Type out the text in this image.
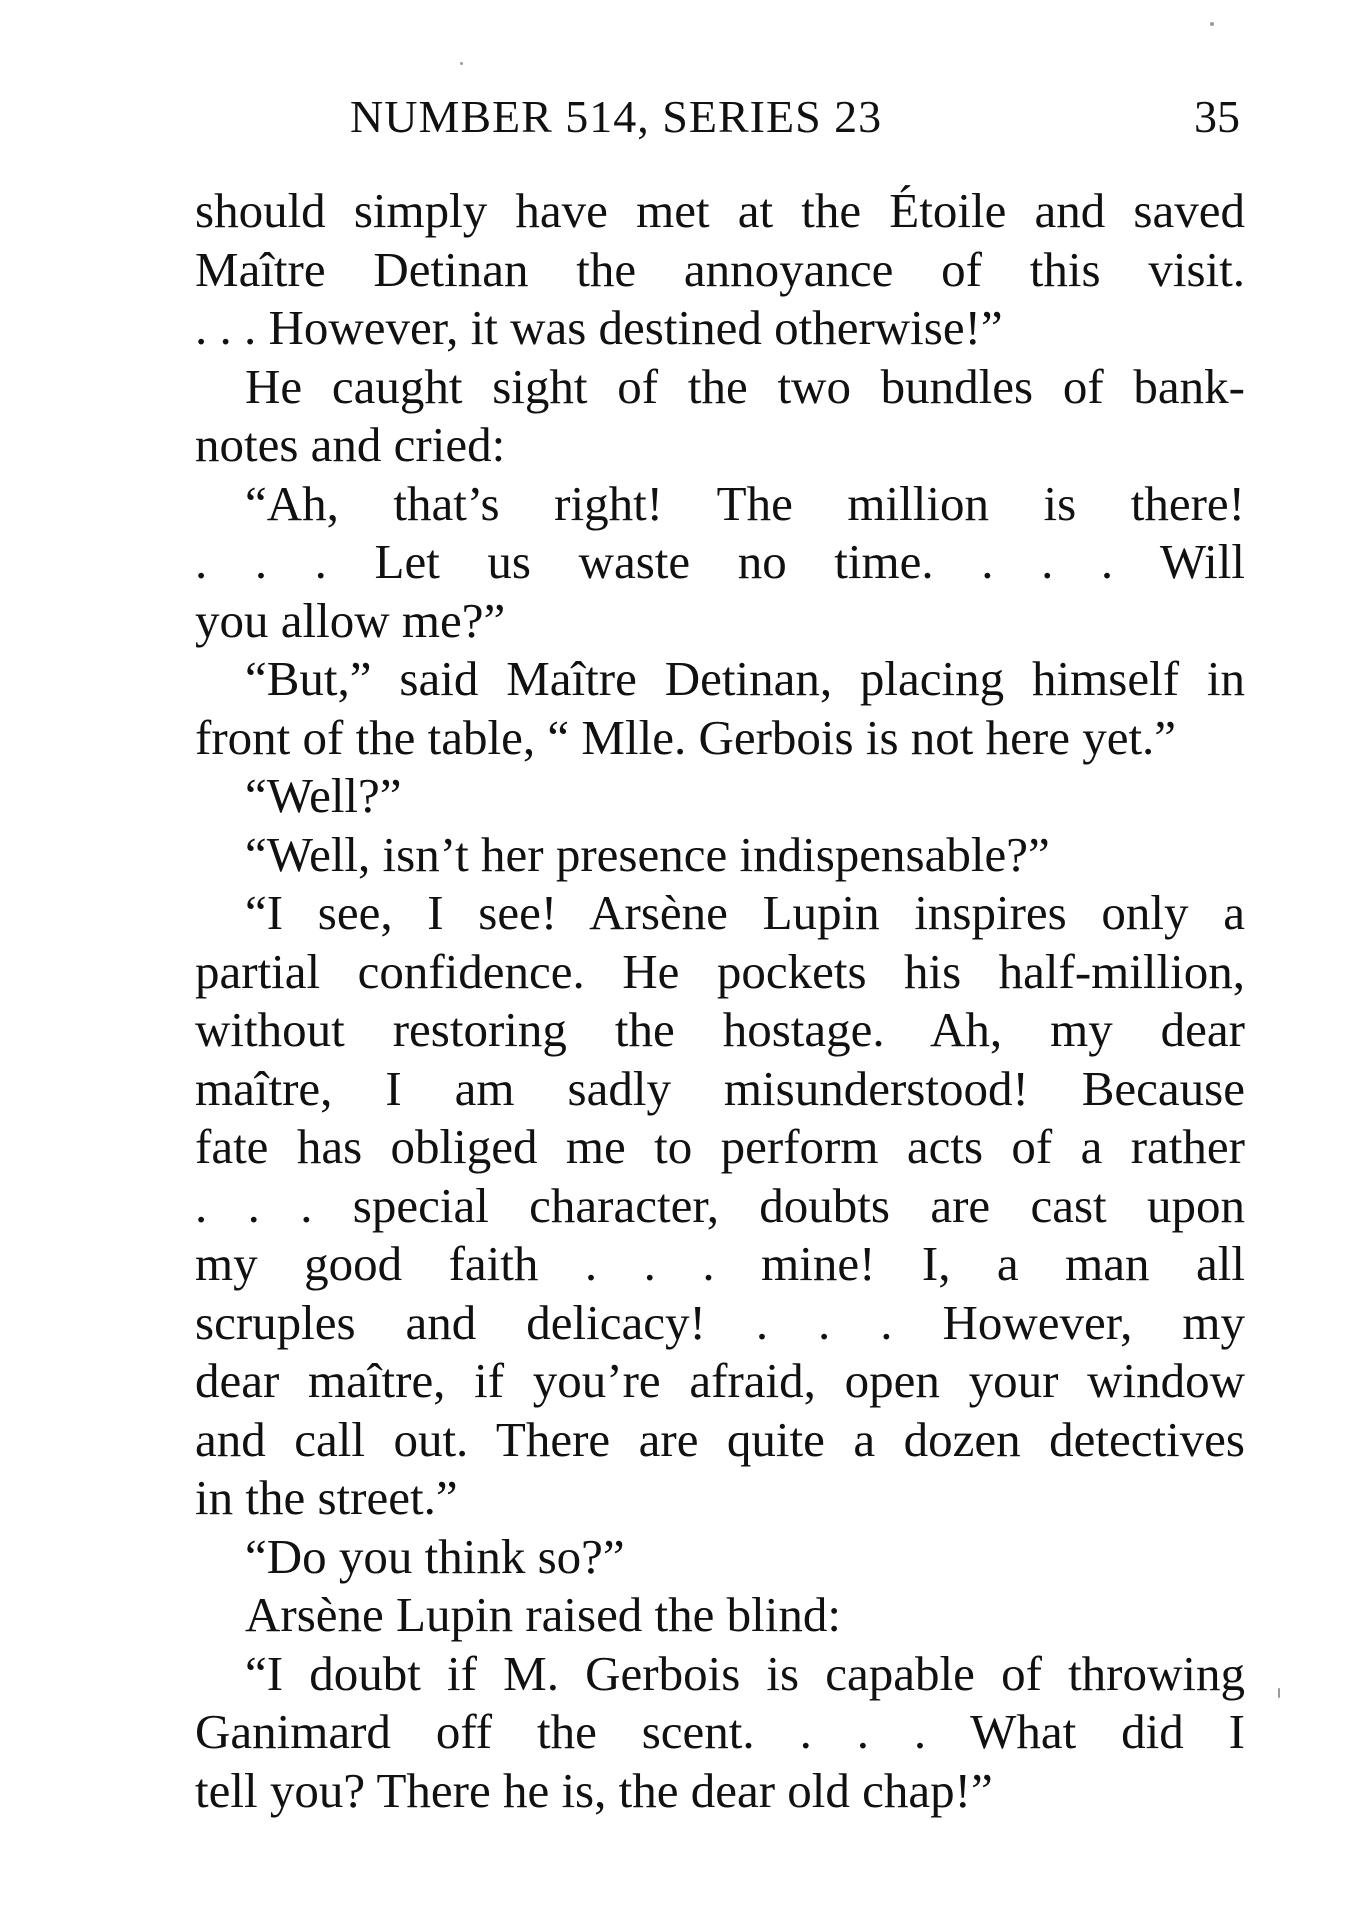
NUMBER 514, SERIES 23	35
should simply have met at the Étoile and saved
Maître Detinan the annoyance of this visit.
. . . However, it was destined otherwise!”
He caught sight of the two bundles of bank-
notes and cried:
“Ah, that’s right! The million is there!
. . . Let us waste no time. . . . Will
you allow me?”
“But,” said Maître Detinan, placing himself in
front of the table, “ Mlle. Gerbois is not here yet.”
“Well?”
“Well, isn’t her presence indispensable?”
“I see, I see! Arsène Lupin inspires only a
partial confidence. He pockets his half-million,
without restoring the hostage. Ah, my dear
maître, I am sadly misunderstood! Because
fate has obliged me to perform acts of a rather
. . . special character, doubts are cast upon
my good faith . . . mine! I, a man all
scruples and delicacy! . . . However, my
dear maître, if you’re afraid, open your window
and call out. There are quite a dozen detectives
in the street.”
“Do you think so?”
Arsène Lupin raised the blind:
“I doubt if M. Gerbois is capable of throwing
Ganimard off the scent. . . . What did I
tell you? There he is, the dear old chap!”
